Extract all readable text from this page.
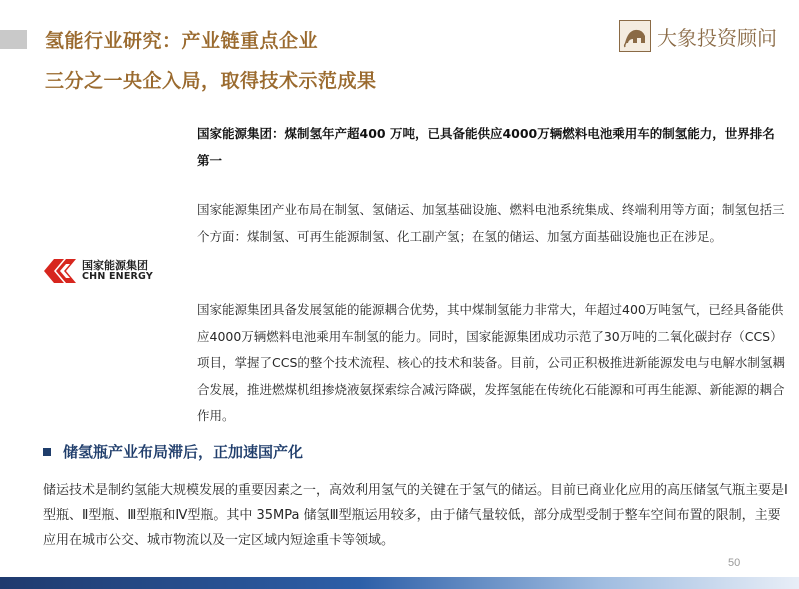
氢能行业研究：产业链重点企业
三分之一央企入局，取得技术示范成果
大象投资顾问
国家能源集团
CHN ENERGY
国家能源集团：煤制氢年产超400 万吨，已具备能供应4000万辆燃料电池乘用车的制氢能力，世界排名第一
国家能源集团产业布局在制氢、氢储运、加氢基础设施、燃料电池系统集成、终端利用等方面；制氢包括三个方面：煤制氢、可再生能源制氢、化工副产氢；在氢的储运、加氢方面基础设施也正在涉足。
国家能源集团具备发展氢能的能源耦合优势，其中煤制氢能力非常大，年超过400万吨氢气，已经具备能供应4000万辆燃料电池乘用车制氢的能力。同时，国家能源集团成功示范了30万吨的二氧化碳封存（CCS）项目，掌握了CCS的整个技术流程、核心的技术和装备。目前，公司正积极推进新能源发电与电解水制氢耦合发展，推进燃煤机组掺烧液氨探索综合减污降碳，发挥氢能在传统化石能源和可再生能源、新能源的耦合作用。
储氢瓶产业布局滞后，正加速国产化
储运技术是制约氢能大规模发展的重要因素之一，高效利用氢气的关键在于氢气的储运。目前已商业化应用的高压储氢气瓶主要是Ⅰ型瓶、Ⅱ型瓶、Ⅲ型瓶和Ⅳ型瓶。其中 35MPa 储氢Ⅲ型瓶运用较多，由于储气量较低，部分成型受制于整车空间布置的限制，主要应用在城市公交、城市物流以及一定区域内短途重卡等领域。
50
